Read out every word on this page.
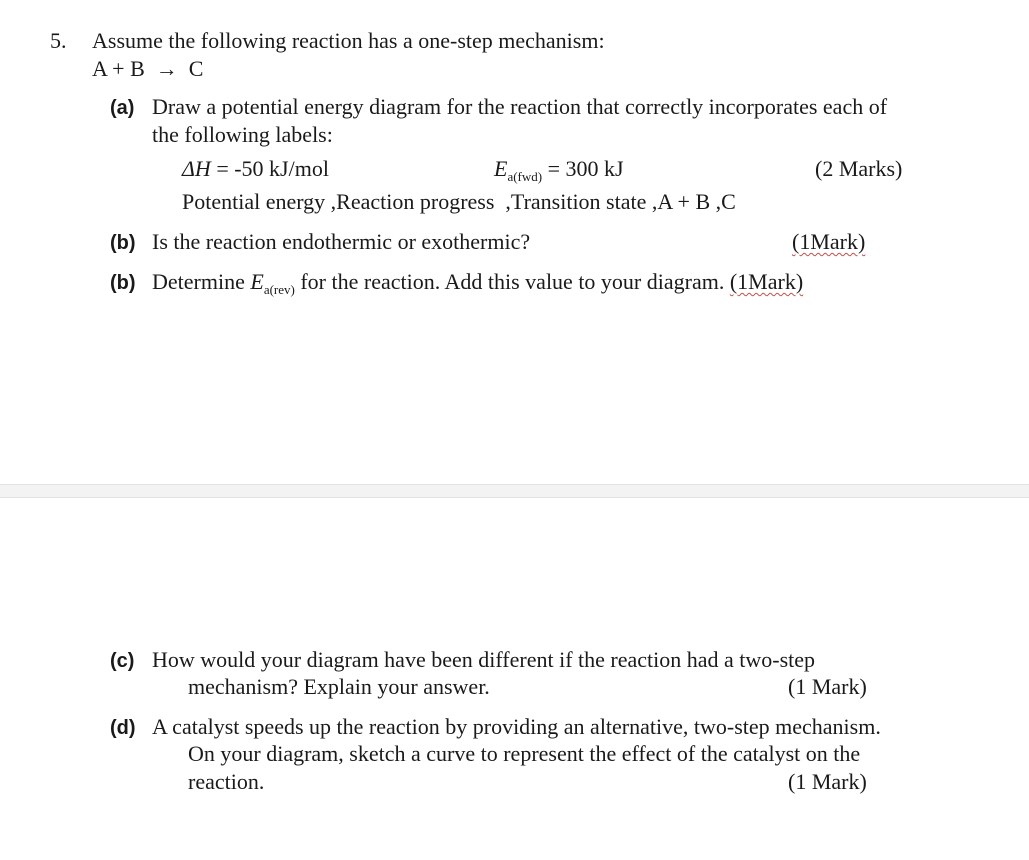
5. Assume the following reaction has a one-step mechanism:
A + B  →  C
(a) Draw a potential energy diagram for the reaction that correctly incorporates each of
the following labels:
ΔH = -50 kJ/mol	$E_{a(fwd)} = 300$ kJ	(2 Marks)
Potential energy ,Reaction progress  ,Transition state ,A + B ,C
(b) Is the reaction endothermic or exothermic?	(1Mark)
(b) Determine $E_{a(rev)}$ for the reaction. Add this value to your diagram. (1Mark)
(c) How would your diagram have been different if the reaction had a two-step
mechanism? Explain your answer.	(1 Mark)
(d) A catalyst speeds up the reaction by providing an alternative, two-step mechanism.
On your diagram, sketch a curve to represent the effect of the catalyst on the
reaction.	(1 Mark)
